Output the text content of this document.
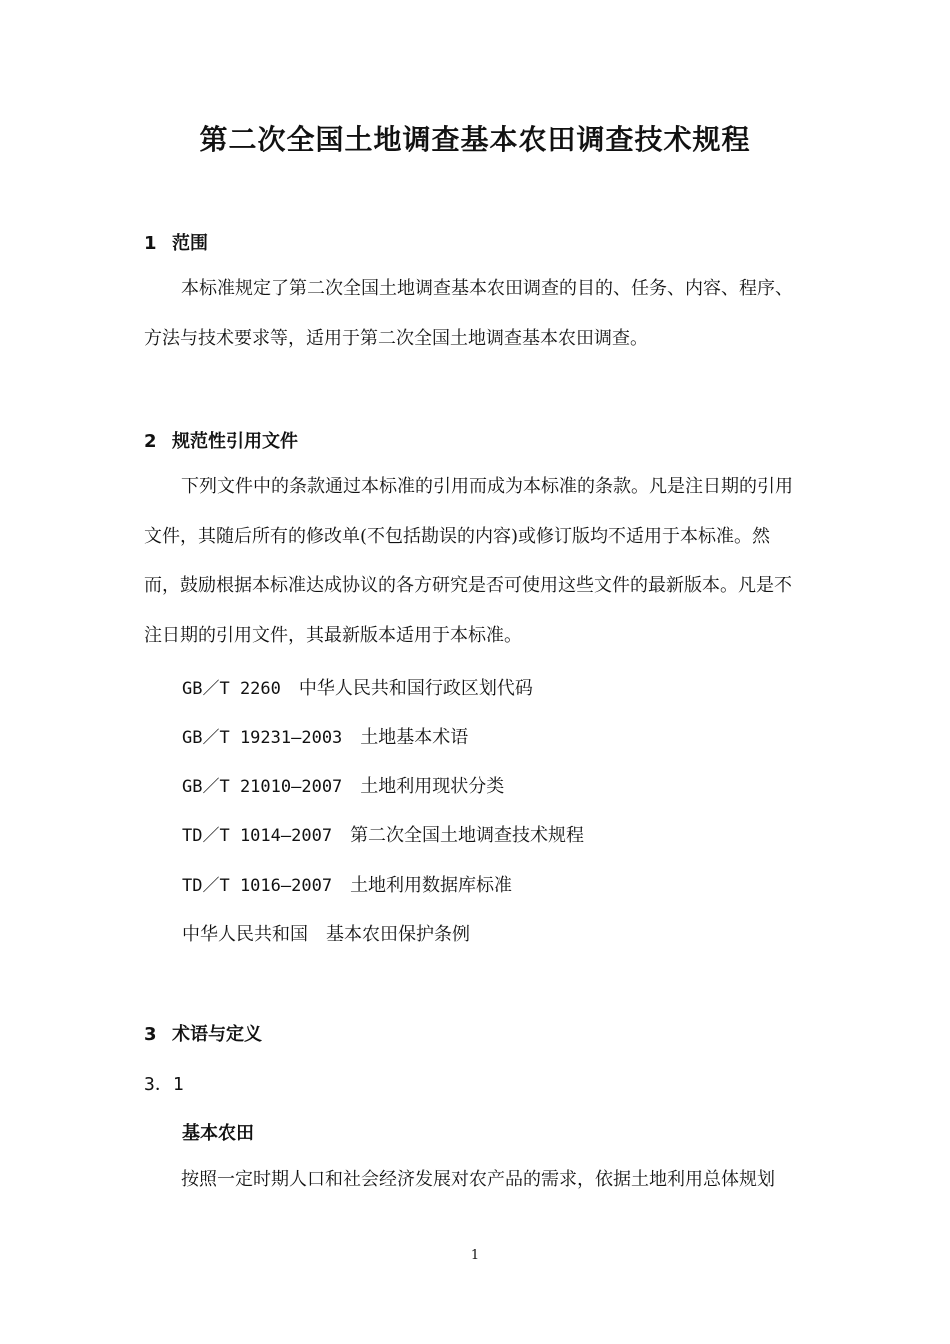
第二次全国土地调查基本农田调查技术规程
1 范围

本标准规定了第二次全国土地调查基本农田调查的目的、任务、内容、程序、方法与技术要求等，适用于第二次全国土地调查基本农田调查。

2 规范性引用文件

下列文件中的条款通过本标准的引用而成为本标准的条款。凡是注日期的引用文件，其随后所有的修改单(不包括勘误的内容)或修订版均不适用于本标准。然而，鼓励根据本标准达成协议的各方研究是否可使用这些文件的最新版本。凡是不注日期的引用文件，其最新版本适用于本标准。

GB／T 2260 中华人民共和国行政区划代码

GB／T 19231—2003 土地基本术语

GB／T 21010—2007 土地利用现状分类

TD／T 1014—2007 第二次全国土地调查技术规程

TD／T 1016—2007 土地利用数据库标准

中华人民共和国 基本农田保护条例

3 术语与定义

3．1

基本农田

按照一定时期人口和社会经济发展对农产品的需求，依据土地利用总体规划

1
